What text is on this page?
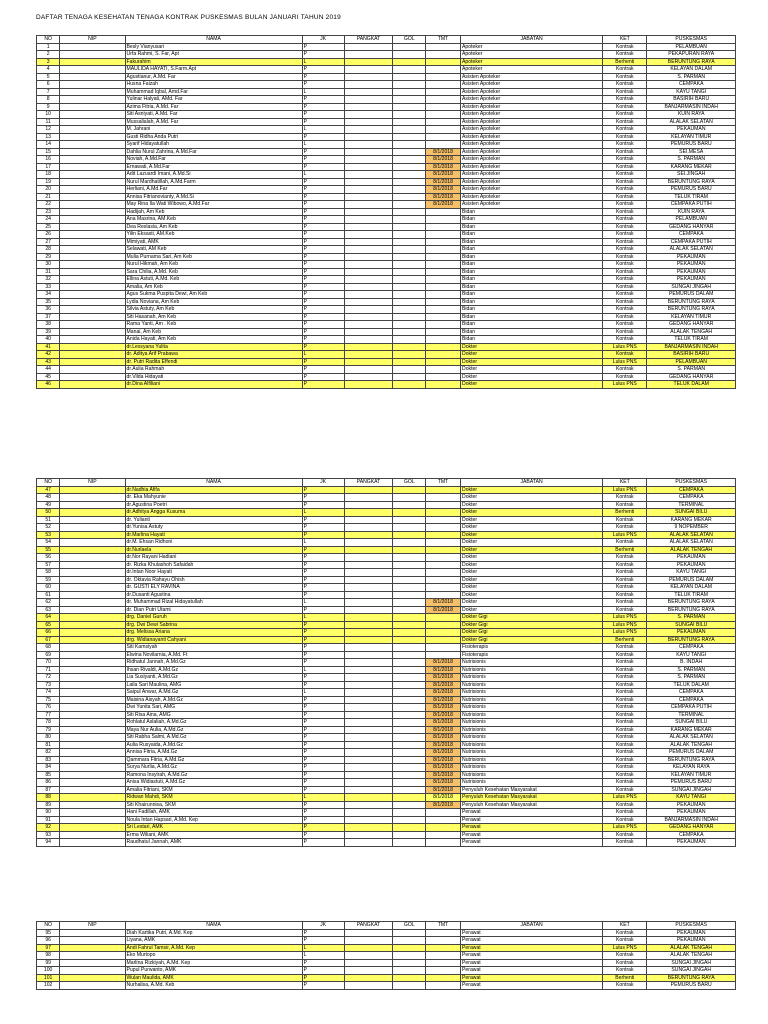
DAFTAR TENAGA KESEHATAN TENAGA KONTRAK PUSKESMAS BULAN JANUARI TAHUN 2019
NO	NIP	NAMA	JK	PANGKAT	GOL	TMT	JABATAN	KET	PUSKESMAS
1		Besly Vianyusari	P				Apoteker	Kontrak	PELAMBUAN
2		Urfa Rahmi, S. Far, Apt	P				Apoteker	Kontrak	PEKAPURAN RAYA
3		Fakurahim	L				Apoteker	Berhenti	BERUNTUNG RAYA
4		MAULIDA HAYATI, S.Farm.Apt	P				Apoteker	Kontrak	KELAYAN DALAM
5		Agustianur, A.Md. Far	P				Asisten Apoteker	Kontrak	S. PARMAN
6		Husna Faizah	P				Asisten Apoteker	Kontrak	CEMPAKA
7		Muhammad Iqbal, Amd.Far	L				Asisten Apoteker	Kontrak	KAYU TANGI
8		Yulinar Halyati, AMd. Far	P				Asisten Apoteker	Kontrak	BASIRIH BARU
9		Azima Fitria, A.Md. Far	P				Asisten Apoteker	Kontrak	BANJARMASIN INDAH
10		Siti Asniyati, A.Md. Far	P				Asisten Apoteker	Kontrak	KUIN RAYA
11		Mussalialah, A.Md. Far	P				Asisten Apoteker	Kontrak	ALALAK SELATAN
12		M. Jahrani	L				Asisten Apoteker	Kontrak	PEKAUMAN
13		Gusti Ridha Anda Putri	P				Asisten Apoteker	Kontrak	KELAYAN TIMUR
14		Syarif Hidayatullah	L				Asisten Apoteker	Kontrak	PEMURUS BARU
15		Dahlia Nurul Zahrina, A.Md.Far	P			8/1/2018	Asisten Apoteker	Kontrak	SEI.MESA
16		Noviah, A.Md.Far	P			8/1/2018	Asisten Apoteker	Kontrak	S. PARMAN
17		Ernawati, A.Md.Far	P			8/1/2018	Asisten Apoteker	Kontrak	KARANG MEKAR
18		Adit Lazuardi Imani, A.Md.Si	L			8/1/2018	Asisten Apoteker	Kontrak	SEI.JINGAH
19		Nurul Mardhatillah, A.Md.Farm	P			8/1/2018	Asisten Apoteker	Kontrak	BERUNTUNG RAYA
20		Herliani, A.Md.Far	P			8/1/2018	Asisten Apoteker	Kontrak	PEMURUS BARU
21		Annisa Fitrianovianty, A.Md.Si	P			8/1/2018	Asisten Apoteker	Kontrak	TELUK TIRAM
22		May Rina Ila Wati Wibowo, A.Md.Far	P			8/1/2018	Asisten Apoteker	Kontrak	CEMPAKA PUTIH
23		Hadijah, Am Keb	P				Bidan	Kontrak	KUIN RAYA
24		Ana Masrina, AM.Keb	P				Bidan	Kontrak	PELAMBUAN
25		Dea Reslasia, Am Keb	P				Bidan	Kontrak	GEDANG HANYAR
26		Yilin Eksasti, AM.Keb	P				Bidan	Kontrak	CEMPAKA
27		Mimiyati, AMK	P				Bidan	Kontrak	CEMPAKA PUTIH
28		Selawati, AM Keb	P				Bidan	Kontrak	ALALAK SELATAN
29		Mulia Purnama Sari, Am Keb	P				Bidan	Kontrak	PEKAUMAN
30		Nurul Hikmah, Am Keb	P				Bidan	Kontrak	PEKAUMAN
31		Sara Chilia, A.Md. Keb	P				Bidan	Kontrak	PEKAUMAN
32		Ellina Astuti, A.Md. Keb	P				Bidan	Kontrak	PEKAUMAN
33		Amalia, Am Keb	P				Bidan	Kontrak	SUNGAI JINGAH
34		Agus Sukma Puspita Dewi, Am Keb	P				Bidan	Kontrak	PEMURUS DALAM
35		Lydia Noviana, Am Keb	P				Bidan	Kontrak	BERUNTUNG RAYA
36		Silvia Astuty, Am Keb	P				Bidan	Kontrak	BERUNTUNG RAYA
37		Siti Hasanah, Am Keb	P				Bidan	Kontrak	KELAYAN TIMUR
38		Rama Yanti, Am . Keb	P				Bidan	Kontrak	GEDANG HANYAR
39		Manai, Am Keb	P				Bidan	Kontrak	ALALAK TENGAH
40		Anida Hayati, Am Keb	P				Bidan	Kontrak	TELUK TIRAM
41		dr.Lessyana Yulita	P				Dokter	Lulus PNS	BANJARMASIN INDAH
42		dr. Aditya Arif Prabawa	L				Dokter	Kontrak	BASIRIH BARU
43		dr. Putri Radita Effendi	P				Dokter	Lulus PNS	PELAMBUAN
44		dr.Aulia Rahmah	P				Dokter	Kontrak	S. PARMAN
45		dr.Vilda Hidayati	P				Dokter	Kontrak	GEDANG HANYAR
46		dr.Dina Alfiliani	P				Dokter	Lulus PNS	TELUK DALAM
NO	NIP	NAMA	JK	PANGKAT	GOL	TMT	JABATAN	KET	PUSKESMAS
47		dr.Nadhia Afifa	P				Dokter	Lulus PNS	CEMPAKA
48		dr. Eka Mahyunie	P				Dokter	Kontrak	CEMPAKA
49		dr.Agustina Poetri	P				Dokter	Kontrak	TERMINAL
50		dr.Adhitya Angga Kusuma	L				Dokter	Berhenti	SUNGAI BILU
51		dr. Yulianti	P				Dokter	Kontrak	KARANG MEKAR
52		dr.Yunisa Astuty	P				Dokter	Kontrak	9 NOPEMBER
53		dr.Marlina Hayati	P				Dokter	Lulus PNS	ALALAK SELATAN
54		dr.M. Ehsan Ridhoni	L				Dokter	Kontrak	ALALAK SELATAN
55		dr.Nurlaela	P				Dokter	Berhenti	ALALAK TENGAH
56		dr.Nor Rayani Hadiani	P				Dokter	Kontrak	PEKAUMAN
57		dr. Rizka Khulashoh Safaidah	P				Dokter	Kontrak	PEKAUMAN
58		dr.Intan Noor Hayati	P				Dokter	Kontrak	KAYU TANGI
59		dr. Oktavia Rahayu Ohish	P				Dokter	Kontrak	PEMURUS DALAM
60		dr. GUSTI ELY RAVINA	P				Dokter	Kontrak	KELAYAN DALAM
61		dr.Dusanti Agustina	P				Dokter	Kontrak	TELUK TIRAM
62		dr. Muhammad Rizal Hidayatullah	L			8/1/2018	Dokter	Kontrak	BERUNTUNG RAYA
63		dr. Dian Putri Utami	P			8/1/2018	Dokter	Kontrak	BERUNTUNG RAYA
64		drg. Daniel Guruh	L				Dokter Gigi	Lulus PNS	S. PARMAN
65		drg. Dwi Dewi Sabrina	P				Dokter Gigi	Lulus PNS	SUNGAI BILU
66		drg. Melissa Ariana	P				Dokter Gigi	Lulus PNS	PEKAUMAN
67		drg. Widianayanti Cahyani	P				Dokter Gigi	Berhenti	BERUNTUNG RAYA
68		Siti Kamsiyah	P				Fisioterapis	Kontrak	CEMPAKA
69		Elwina Novilarnia, A.Md. Ft	P				Fisioterapis	Kontrak	KAYU TANGI
70		Ridhatul Jannah, A.Md.Gz	P			8/1/2018	Nutrisionis	Kontrak	B. INDAH
71		Ihsan Rivaldi, A.Md.Gz	L			8/1/2018	Nutrisionis	Kontrak	S. PARMAN
72		Lia Susiyanti, A.Md.Gz	P			8/1/2018	Nutrisionis	Kontrak	S. PARMAN
73		Laila Sari Maulina, AMG	P			8/1/2018	Nutrisionis	Kontrak	TELUK DALAM
74		Saipul Anwar, A.Md.Gz	L			8/1/2018	Nutrisionis	Kontrak	CEMPAKA
75		Maisina Aisyah, A.Md.Gz	P			8/1/2018	Nutrisionis	Kontrak	CEMPAKA
76		Dwi Yunita Sari, AMG	P			8/1/2018	Nutrisionis	Kontrak	CEMPAKA PUTIH
77		Siti Risa Aina, AMG	P			8/1/2018	Nutrisionis	Kontrak	TERMINAL
78		Rohlatul Aslaliah, A.Md.Gz	P			8/1/2018	Nutrisionis	Kontrak	SUNGAI BILU
79		Maya Nur Aulia, A.Md.Gz	P			8/1/2018	Nutrisionis	Kontrak	KARANG MEKAR
80		Siti Rabha Salmi, A.Md.Gz	P			8/1/2018	Nutrisionis	Kontrak	ALALAK SELATAN
81		Aulia Rusyaida, A.Md.Gz	P			8/1/2018	Nutrisionis	Kontrak	ALALAK TENGAH
82		Annisa Fitria, A.Md.Gz	P			8/1/2018	Nutrisionis	Kontrak	PEMURUS DALAM
83		Qammara Fitria, A.Md.Gz	P			8/1/2018	Nutrisionis	Kontrak	BERUNTUNG RAYA
84		Surya Nurlia, A.Md.Gz	P			8/1/2018	Nutrisionis	Kontrak	KELAYAN RAYA
85		Ramona Insyirah, A.Md.Gz	P			8/1/2018	Nutrisionis	Kontrak	KELAYAN TIMUR
86		Anisa Widiastuti, A.Md.Gz	P			8/1/2018	Nutrisionis	Kontrak	PEMURUS BARU
87		Amalia Fitriani, SKM	P			8/1/2018	Penyuluh Kesehatan Masyarakat	Kontrak	SUNGAI JINGAH
88		Ridwan Mahdi, SKM	L			8/1/2018	Penyuluh Kesehatan Masyarakat	Lulus PNS	KAYU TANGI
89		Siti Khairunnisa, SKM	P			8/1/2018	Penyuluh Kesehatan Masyarakat	Kontrak	PEKAUMAN
90		Hani Fadillah, AMK	P				Perawat	Kontrak	PEKAUMAN
91		Noula Intan Hapsari, A.Md. Kep	P				Perawat	Kontrak	BANJARMASIN INDAH
92		Sri Lestari, AMK	P				Perawat	Lulus PNS	GEDANG HANYAR
93		Erma Wiliani, AMK	P				Perawat	Kontrak	CEMPAKA
94		Raudhatul Jannah, AMK	P				Perawat	Kontrak	PEKAUMAN
NO	NIP	NAMA	JK	PANGKAT	GOL	TMT	JABATAN	KET	PUSKESMAS
95		Diah Kartika Putri, A.Md. Kep	P				Perawat	Kontrak	PEKAUMAN
96		Liyana, AMK	P				Perawat	Kontrak	PEKAUMAN
97		Andi Fahrul Tamsir, A.Md. Kep	L				Perawat	Lulus PNS	ALALAK TENGAH
98		Eko Murtopo	L				Perawat	Kontrak	ALALAK TENGAH
99		Marlina Rizkiyah, A.Md. Kep	P				Perawat	Kontrak	SUNGAI JINGAH
100		Pupul Purwanto, AMK	P				Perawat	Kontrak	SUNGAI JINGAH
101		Wulan Maulida, AMK	P				Perawat	Berhenti	BERUNTUNG RAYA
102		Nurhalisa, A.Md. Keb	P				Perawat	Kontrak	PEMURUS BARU
